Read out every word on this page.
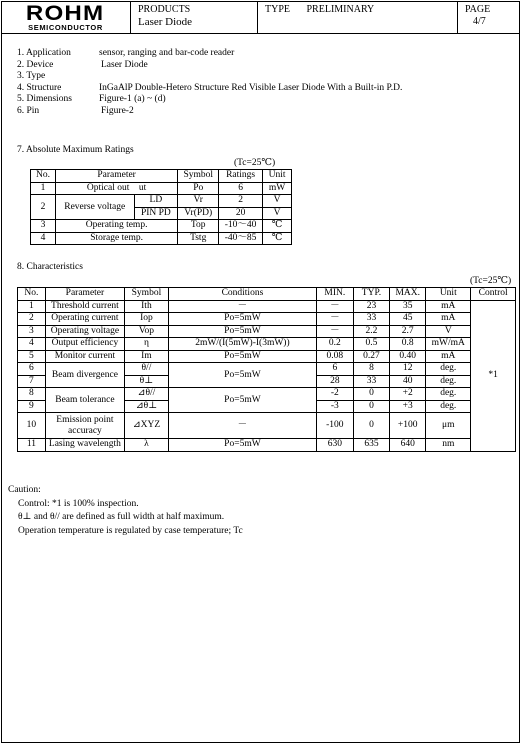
ROHM
SEMICONDUCTOR
PRODUCTS
Laser Diode
TYPE PRELIMINARY	PAGE
4/7
1. Application	sensor, ranging and bar-code reader
2. Device	Laser Diode
3. Type
4. Structure	InGaAlP Double-Hetero Structure Red Visible Laser Diode With a Built-in P.D.
5. Dimensions	Figure-1 (a) ~ (d)
6. Pin	Figure-2
7. Absolute Maximum Ratings
(Tc=25℃)
No.	Parameter		Symbol	Ratings	Unit
1	Optical out　ut		Po	6	mW
2	Reverse voltage	LD	Vr	2	V
		PIN PD	Vr(PD)	20	V
3	Operating temp.		Top	-10～40	℃
4	Storage temp.		Tstg	-40～85	℃
8. Characteristics
(Tc=25℃)
No.	Parameter	Symbol	Conditions	MIN.	TYP.	MAX.	Unit	Control
1	Threshold current	Ith	－	－	23	35	mA	*1
2	Operating current	Iop	Po=5mW	－	33	45	mA	
3	Operating voltage	Vop	Po=5mW	－	2.2	2.7	V	
4	Output efficiency	η	2mW/(I(5mW)-I(3mW))	0.2	0.5	0.8	mW/mA	
5	Monitor current	Im	Po=5mW	0.08	0.27	0.40	mA	
6	Beam divergence	θ//	Po=5mW	6	8	12	deg.	
7		θ⊥		28	33	40	deg.	
8	Beam tolerance	⊿θ//	Po=5mW	-2	0	+2	deg.	
9		⊿θ⊥		-3	0	+3	deg.	
10	Emission point accuracy	⊿XYZ	－	-100	0	+100	μm	
11	Lasing wavelength	λ	Po=5mW	630	635	640	nm	
Caution:
Control: *1 is 100% inspection.
θ⊥ and θ// are defined as full width at half maximum.
Operation temperature is regulated by case temperature; Tc
